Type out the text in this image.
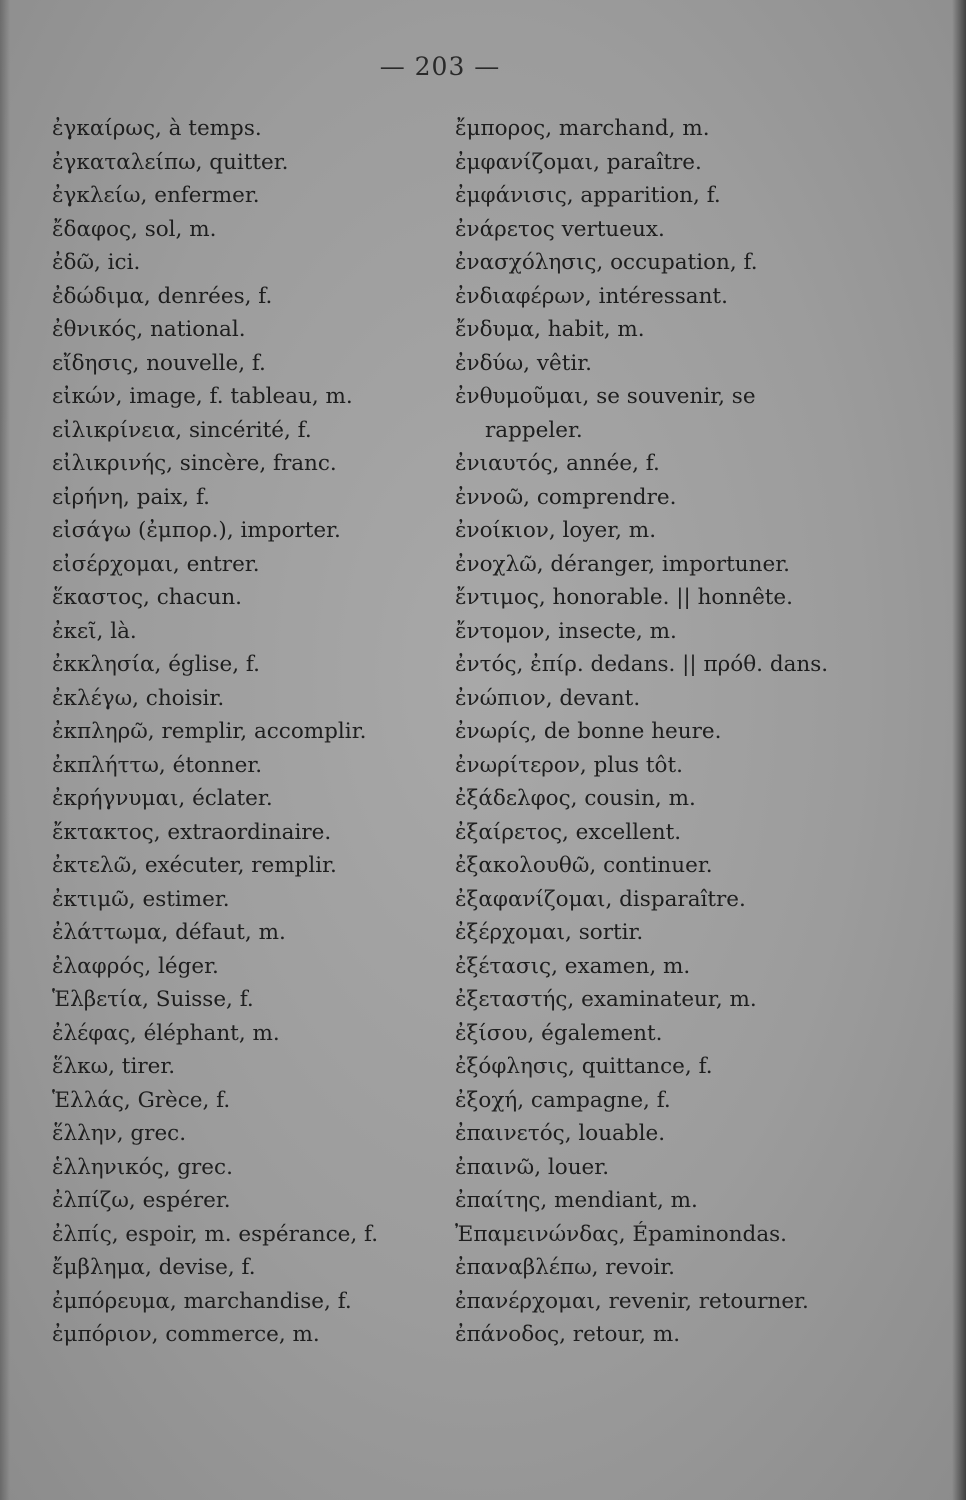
— 203 —
ἐγκαίρως, à temps.
ἐγκαταλείπω, quitter.
ἐγκλείω, enfermer.
ἔδαφος, sol, m.
ἐδῶ, ici.
ἐδώδιμα, denrées, f.
ἐθνικός, national.
εἴδησις, nouvelle, f.
εἰκών, image, f. tableau, m.
εἰλικρίνεια, sincérité, f.
εἰλικρινής, sincère, franc.
εἰρήνη, paix, f.
εἰσάγω (ἐμπορ.), importer.
εἰσέρχομαι, entrer.
ἕκαστος, chacun.
ἐκεῖ, là.
ἐκκλησία, église, f.
ἐκλέγω, choisir.
ἐκπληρῶ, remplir, accomplir.
ἐκπλήττω, étonner.
ἐκρήγνυμαι, éclater.
ἔκτακτος, extraordinaire.
ἐκτελῶ, exécuter, remplir.
ἐκτιμῶ, estimer.
ἐλάττωμα, défaut, m.
ἐλαφρός, léger.
Ἑλβετία, Suisse, f.
ἐλέφας, éléphant, m.
ἕλκω, tirer.
Ἑλλάς, Grèce, f.
ἕλλην, grec.
ἑλληνικός, grec.
ἐλπίζω, espérer.
ἐλπίς, espoir, m. espérance, f.
ἔμβλημα, devise, f.
ἐμπόρευμα, marchandise, f.
ἐμπόριον, commerce, m.
ἔμπορος, marchand, m.
ἐμφανίζομαι, paraître.
ἐμφάνισις, apparition, f.
ἐνάρετος vertueux.
ἐνασχόλησις, occupation, f.
ἐνδιαφέρων, intéressant.
ἔνδυμα, habit, m.
ἐνδύω, vêtir.
ἐνθυμοῦμαι, se souvenir, se rappeler.
ἐνιαυτός, année, f.
ἐννοῶ, comprendre.
ἐνοίκιον, loyer, m.
ἐνοχλῶ, déranger, importuner.
ἔντιμος, honorable. || honnête.
ἔντομον, insecte, m.
ἐντός, ἐπίρ. dedans. || πρόθ. dans.
ἐνώπιον, devant.
ἐνωρίς, de bonne heure.
ἐνωρίτερον, plus tôt.
ἐξάδελφος, cousin, m.
ἐξαίρετος, excellent.
ἐξακολουθῶ, continuer.
ἐξαφανίζομαι, disparaître.
ἐξέρχομαι, sortir.
ἐξέτασις, examen, m.
ἐξεταστής, examinateur, m.
ἐξίσου, également.
ἐξόφλησις, quittance, f.
ἐξοχή, campagne, f.
ἐπαινετός, louable.
ἐπαινῶ, louer.
ἐπαίτης, mendiant, m.
Ἐπαμεινώνδας, Épaminondas.
ἐπαναβλέπω, revoir.
ἐπανέρχομαι, revenir, retourner.
ἐπάνοδος, retour, m.
